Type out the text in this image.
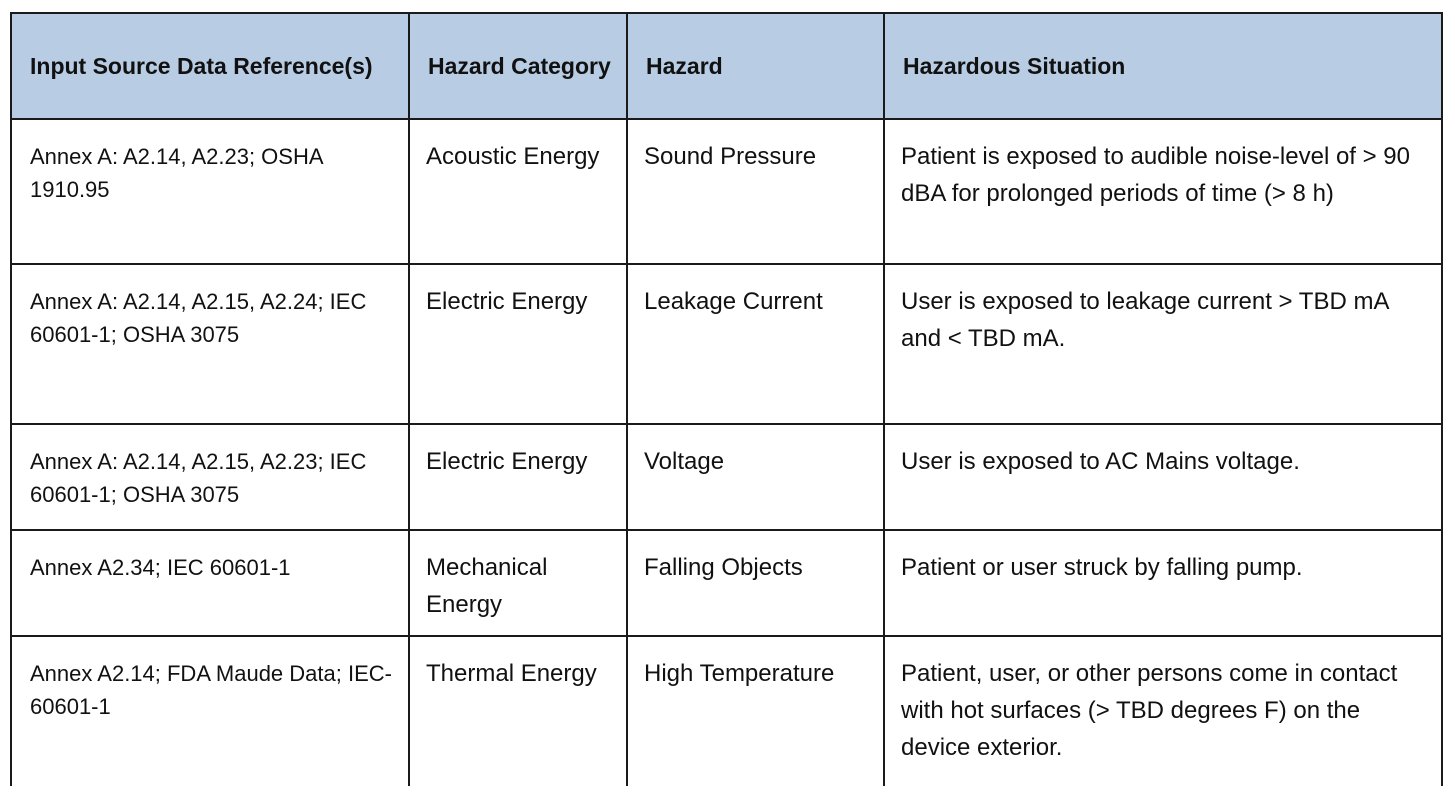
Input Source Data Reference(s)	Hazard Category	Hazard	Hazardous Situation
Annex A: A2.14, A2.23; OSHA 1910.95	Acoustic Energy	Sound Pressure	Patient is exposed to audible noise-level of > 90 dBA for prolonged periods of time (> 8 h)
Annex A: A2.14, A2.15, A2.24; IEC 60601-1; OSHA 3075	Electric Energy	Leakage Current	User is exposed to leakage current > TBD mA and < TBD mA.
Annex A: A2.14, A2.15, A2.23; IEC 60601-1; OSHA 3075	Electric Energy	Voltage	User is exposed to AC Mains voltage.
Annex A2.34; IEC 60601-1	Mechanical Energy	Falling Objects	Patient or user struck by falling pump.
Annex A2.14; FDA Maude Data; IEC-60601-1	Thermal Energy	High Temperature	Patient, user, or other persons come in contact with hot surfaces (> TBD degrees F) on the device exterior.
